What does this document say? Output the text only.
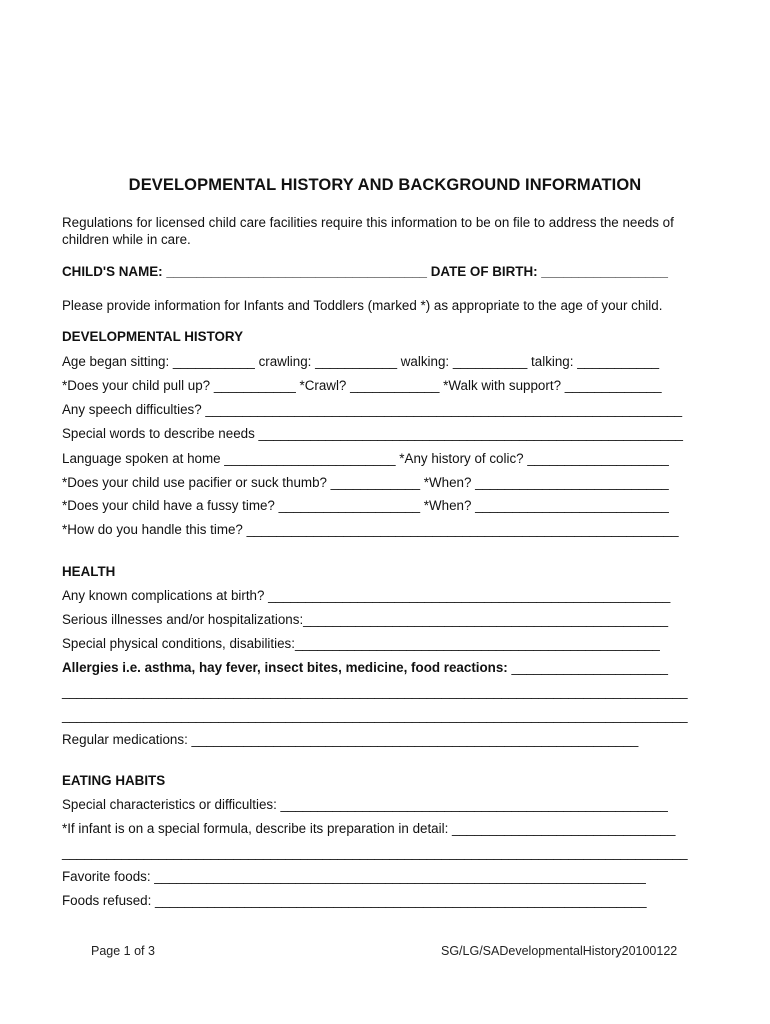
DEVELOPMENTAL HISTORY AND BACKGROUND INFORMATION
Regulations for licensed child care facilities require this information to be on file to address the needs of
children while in care.
CHILD'S NAME: ___________________________________ DATE OF BIRTH: _________________
Please provide information for Infants and Toddlers (marked *) as appropriate to the age of your child.
DEVELOPMENTAL HISTORY
Age began sitting: ___________ crawling: ___________ walking: __________ talking: ___________
*Does your child pull up? ___________ *Crawl? ____________ *Walk with support? _____________
Any speech difficulties? ________________________________________________________________
Special words to describe needs _________________________________________________________
Language spoken at home _______________________ *Any history of colic? ___________________
*Does your child use pacifier or suck thumb? ____________ *When? __________________________
*Does your child have a fussy time? ___________________ *When? __________________________
*How do you handle this time? __________________________________________________________
HEALTH
Any known complications at birth? ______________________________________________________
Serious illnesses and/or hospitalizations:_________________________________________________
Special physical conditions, disabilities:_________________________________________________
Allergies i.e. asthma, hay fever, insect bites, medicine, food reactions: _____________________
____________________________________________________________________________________
____________________________________________________________________________________
Regular medications: ____________________________________________________________
EATING HABITS
Special characteristics or difficulties: ____________________________________________________
*If infant is on a special formula, describe its preparation in detail: ______________________________
____________________________________________________________________________________
Favorite foods: __________________________________________________________________
Foods refused: __________________________________________________________________
Page 1 of 3	SG/LG/SADevelopmentalHistory20100122
